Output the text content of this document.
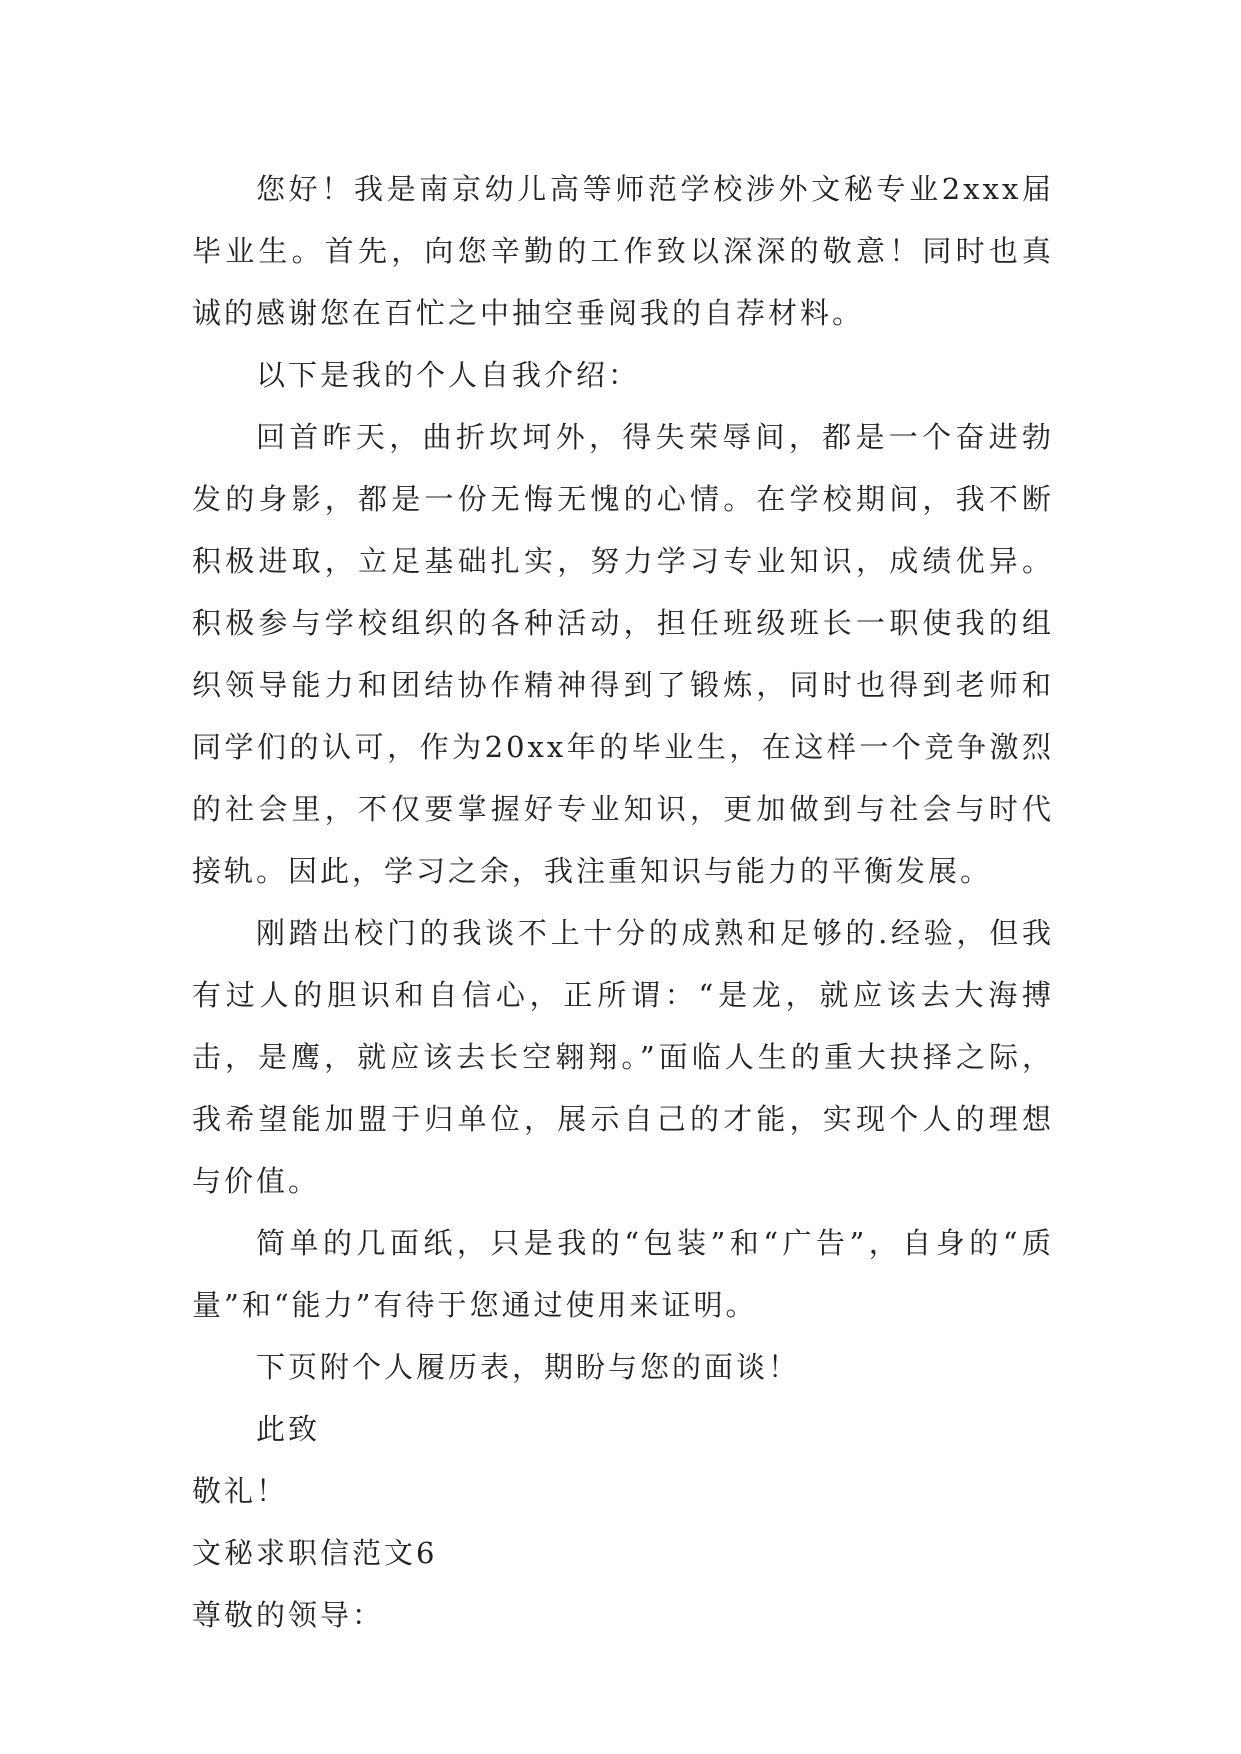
您好！我是南京幼儿高等师范学校涉外文秘专业2xxx届毕业生。首先，向您辛勤的工作致以深深的敬意！同时也真诚的感谢您在百忙之中抽空垂阅我的自荐材料。

以下是我的个人自我介绍：

回首昨天，曲折坎坷外，得失荣辱间，都是一个奋进勃发的身影，都是一份无悔无愧的心情。在学校期间，我不断积极进取，立足基础扎实，努力学习专业知识，成绩优异。积极参与学校组织的各种活动，担任班级班长一职使我的组织领导能力和团结协作精神得到了锻炼，同时也得到老师和同学们的认可，作为20xx年的毕业生，在这样一个竞争激烈的社会里，不仅要掌握好专业知识，更加做到与社会与时代接轨。因此，学习之余，我注重知识与能力的平衡发展。

刚踏出校门的我谈不上十分的成熟和足够的.经验，但我有过人的胆识和自信心，正所谓：“是龙，就应该去大海搏击，是鹰，就应该去长空翱翔。”面临人生的重大抉择之际，我希望能加盟于归单位，展示自己的才能，实现个人的理想与价值。

简单的几面纸，只是我的“包装”和“广告”，自身的“质量”和“能力”有待于您通过使用来证明。

下页附个人履历表，期盼与您的面谈！

此致

敬礼！

文秘求职信范文6

尊敬的领导：
